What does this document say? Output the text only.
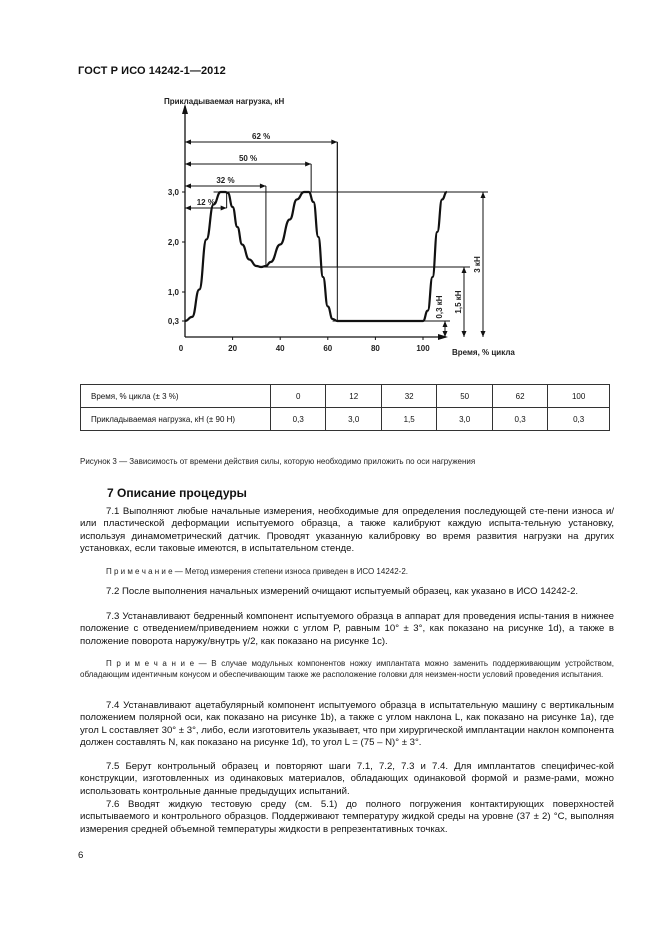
ГОСТ Р ИСО 14242-1—2012
0	20	40	60	80	100
0,3
1,0
2,0
3,0
62 %
50 %
32 %
12 %
0,3 кН 1,5 кН
3 кН
Прикладываемая нагрузка, кН
Время, % цикла
Время, % цикла (± 3 %)	0	12	32	50	62	100
Прикладываемая нагрузка, кН (± 90 Н)	0,3	3,0	1,5	3,0	0,3	0,3
Рисунок 3 — Зависимость от времени действия силы, которую необходимо приложить по оси нагружения
7 Описание процедуры
7.1 Выполняют любые начальные измерения, необходимые для определения последующей сте-пени износа и/или пластической деформации испытуемого образца, а также калибруют каждую испыта-тельную установку, используя динамометрический датчик. Проводят указанную калибровку во время развития нагрузки на других установках, если таковые имеются, в испытательном стенде.
П р и м е ч а н и е — Метод измерения степени износа приведен в ИСО 14242-2.
7.2 После выполнения начальных измерений очищают испытуемый образец, как указано в ИСО 14242-2.
7.3 Устанавливают бедренный компонент испытуемого образца в аппарат для проведения испы-тания в нижнее положение с отведением/приведением ножки с углом P, равным 10° ± 3°, как показано на рисунке 1d), а также в положение поворота наружу/внутрь γ/2, как показано на рисунке 1c).
П р и м е ч а н и е — В случае модульных компонентов ножку имплантата можно заменить поддерживающим устройством, обладающим идентичным конусом и обеспечивающим также же расположение головки для неизмен-ности условий проведения испытания.
7.4 Устанавливают ацетабулярный компонент испытуемого образца в испытательную машину с вертикальным положением полярной оси, как показано на рисунке 1b), а также с углом наклона L, как показано на рисунке 1a), где угол L составляет 30° ± 3°, либо, если изготовитель указывает, что при хирургической имплантации наклон компонента должен составлять N, как показано на рисунке 1d), то угол L = (75 – N)° ± 3°.
7.5 Берут контрольный образец и повторяют шаги 7.1, 7.2, 7.3 и 7.4. Для имплантатов специфичес-кой конструкции, изготовленных из одинаковых материалов, обладающих одинаковой формой и разме-рами, можно использовать контрольные данные предыдущих испытаний.
7.6 Вводят жидкую тестовую среду (см. 5.1) до полного погружения контактирующих поверхностей испытываемого и контрольного образцов. Поддерживают температуру жидкой среды на уровне (37 ± 2) °С, выполняя измерения средней объемной температуры жидкости в репрезентативных точках.
6
